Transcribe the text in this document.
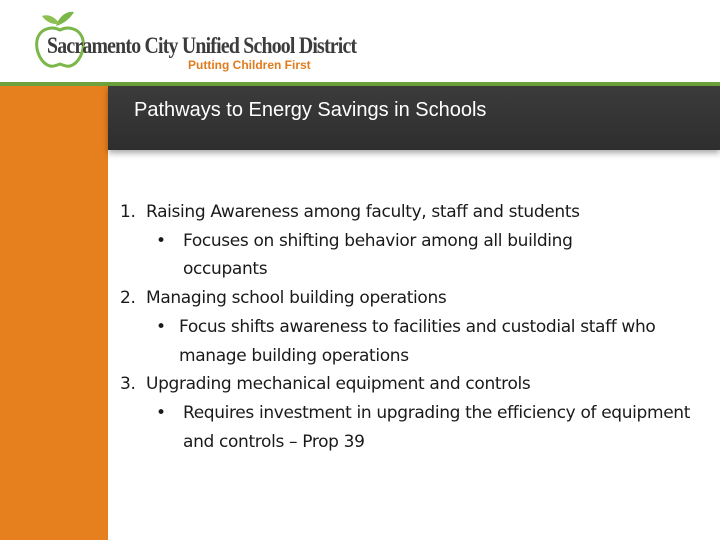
Sacramento City Unified School District
Putting Children First
Pathways to Energy Savings in Schools
1. Raising Awareness among faculty, staff and students
• Focuses on shifting behavior among all building occupants
2. Managing school building operations
• Focus shifts awareness to facilities and custodial staff who manage building operations
3. Upgrading mechanical equipment and controls
• Requires investment in upgrading the efficiency of equipment and controls – Prop 39
